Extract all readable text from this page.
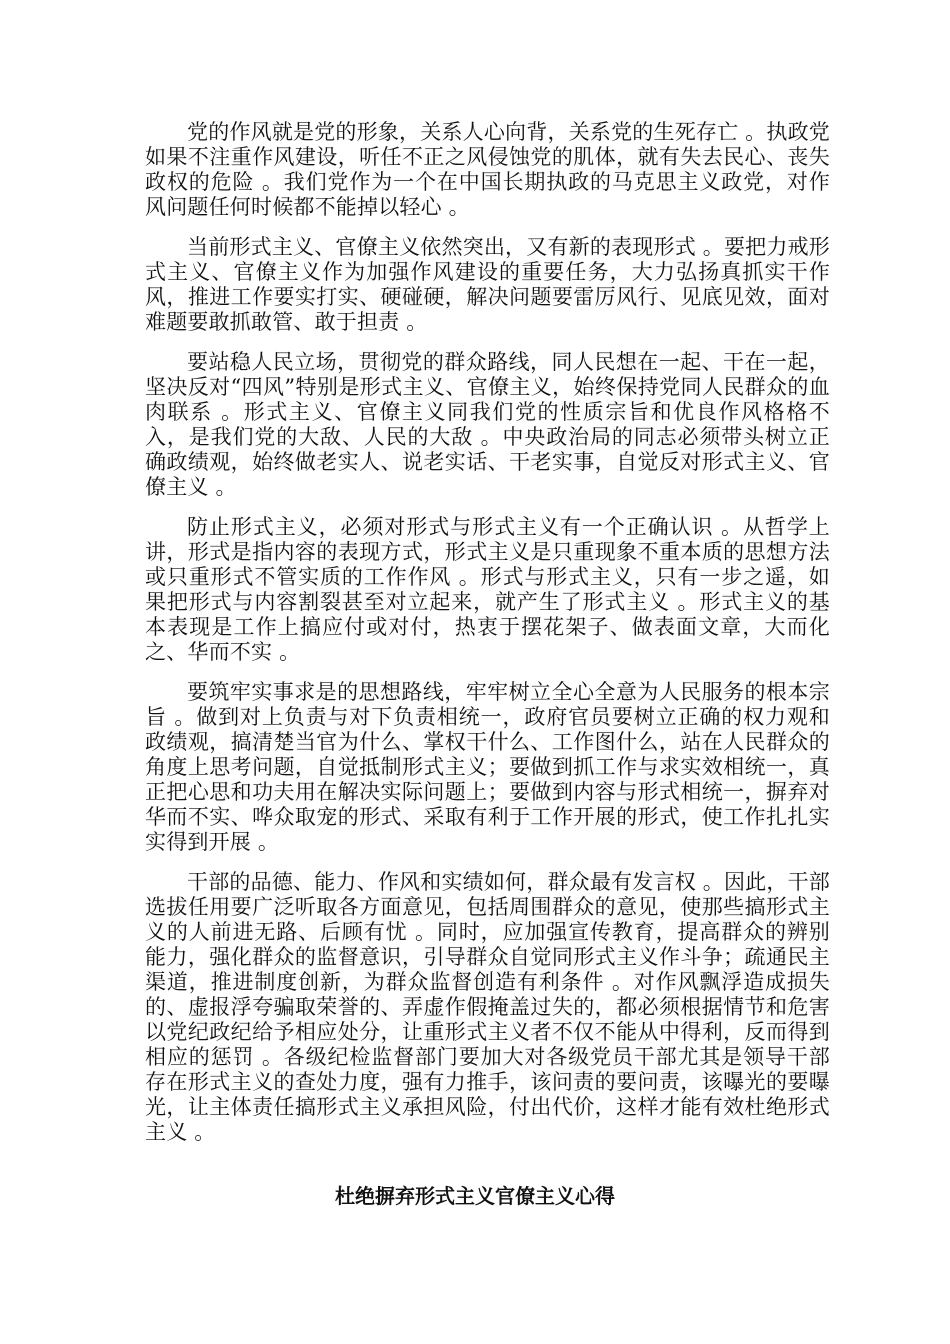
党的作风就是党的形象，关系人心向背，关系党的生死存亡 。执政党如果不注重作风建设，听任不正之风侵蚀党的肌体，就有失去民心、丧失政权的危险 。我们党作为一个在中国长期执政的马克思主义政党，对作风问题任何时候都不能掉以轻心 。

当前形式主义、官僚主义依然突出，又有新的表现形式 。要把力戒形式主义、官僚主义作为加强作风建设的重要任务，大力弘扬真抓实干作风，推进工作要实打实、硬碰硬，解决问题要雷厉风行、见底见效，面对难题要敢抓敢管、敢于担责 。

要站稳人民立场，贯彻党的群众路线，同人民想在一起、干在一起，坚决反对“四风”特别是形式主义、官僚主义，始终保持党同人民群众的血肉联系 。形式主义、官僚主义同我们党的性质宗旨和优良作风格格不入，是我们党的大敌、人民的大敌 。中央政治局的同志必须带头树立正确政绩观，始终做老实人、说老实话、干老实事，自觉反对形式主义、官僚主义 。

防止形式主义，必须对形式与形式主义有一个正确认识 。从哲学上讲，形式是指内容的表现方式，形式主义是只重现象不重本质的思想方法或只重形式不管实质的工作作风 。形式与形式主义，只有一步之遥，如果把形式与内容割裂甚至对立起来，就产生了形式主义 。形式主义的基本表现是工作上搞应付或对付，热衷于摆花架子、做表面文章，大而化之、华而不实 。

要筑牢实事求是的思想路线，牢牢树立全心全意为人民服务的根本宗旨 。做到对上负责与对下负责相统一，政府官员要树立正确的权力观和政绩观，搞清楚当官为什么、掌权干什么、工作图什么，站在人民群众的角度上思考问题，自觉抵制形式主义；要做到抓工作与求实效相统一，真正把心思和功夫用在解决实际问题上；要做到内容与形式相统一，摒弃对华而不实、哗众取宠的形式、采取有利于工作开展的形式，使工作扎扎实实得到开展 。

干部的品德、能力、作风和实绩如何，群众最有发言权 。因此，干部选拔任用要广泛听取各方面意见，包括周围群众的意见，使那些搞形式主义的人前进无路、后顾有忧 。同时，应加强宣传教育，提高群众的辨别能力，强化群众的监督意识，引导群众自觉同形式主义作斗争；疏通民主渠道，推进制度创新，为群众监督创造有利条件 。对作风飘浮造成损失的、虚报浮夸骗取荣誉的、弄虚作假掩盖过失的，都必须根据情节和危害以党纪政纪给予相应处分，让重形式主义者不仅不能从中得利，反而得到相应的惩罚 。各级纪检监督部门要加大对各级党员干部尤其是领导干部存在形式主义的查处力度，强有力推手，该问责的要问责，该曝光的要曝光，让主体责任搞形式主义承担风险，付出代价，这样才能有效杜绝形式主义 。

杜绝摒弃形式主义官僚主义心得
